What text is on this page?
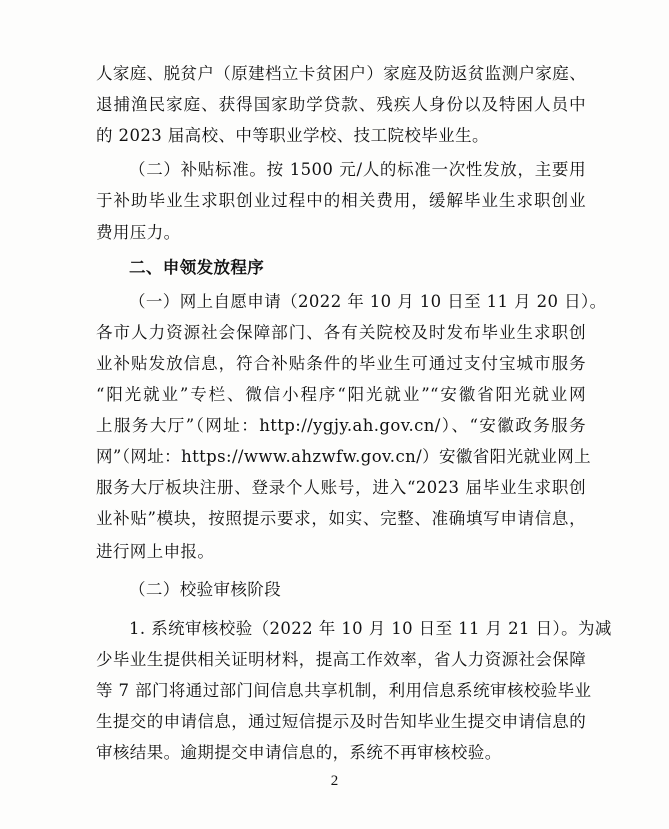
人家庭、脱贫户（原建档立卡贫困户）家庭及防返贫监测户家庭、
退捕渔民家庭、获得国家助学贷款、残疾人身份以及特困人员中
的 2023 届高校、中等职业学校、技工院校毕业生。
（二）补贴标准。按 1500 元/人的标准一次性发放，主要用
于补助毕业生求职创业过程中的相关费用，缓解毕业生求职创业
费用压力。
二、申领发放程序
（一）网上自愿申请（2022 年 10 月 10 日至 11 月 20 日）。
各市人力资源社会保障部门、各有关院校及时发布毕业生求职创
业补贴发放信息，符合补贴条件的毕业生可通过支付宝城市服务
“阳光就业”专栏、微信小程序“阳光就业”“安徽省阳光就业网
上服务大厅”（网址：http://ygjy.ah.gov.cn/）、“安徽政务服务
网”（网址：https://www.ahzwfw.gov.cn/）安徽省阳光就业网上
服务大厅板块注册、登录个人账号，进入“2023 届毕业生求职创
业补贴”模块，按照提示要求，如实、完整、准确填写申请信息，
进行网上申报。
（二）校验审核阶段
1. 系统审核校验（2022 年 10 月 10 日至 11 月 21 日）。为减
少毕业生提供相关证明材料，提高工作效率，省人力资源社会保障
等 7 部门将通过部门间信息共享机制，利用信息系统审核校验毕业
生提交的申请信息，通过短信提示及时告知毕业生提交申请信息的
审核结果。逾期提交申请信息的，系统不再审核校验。
2
